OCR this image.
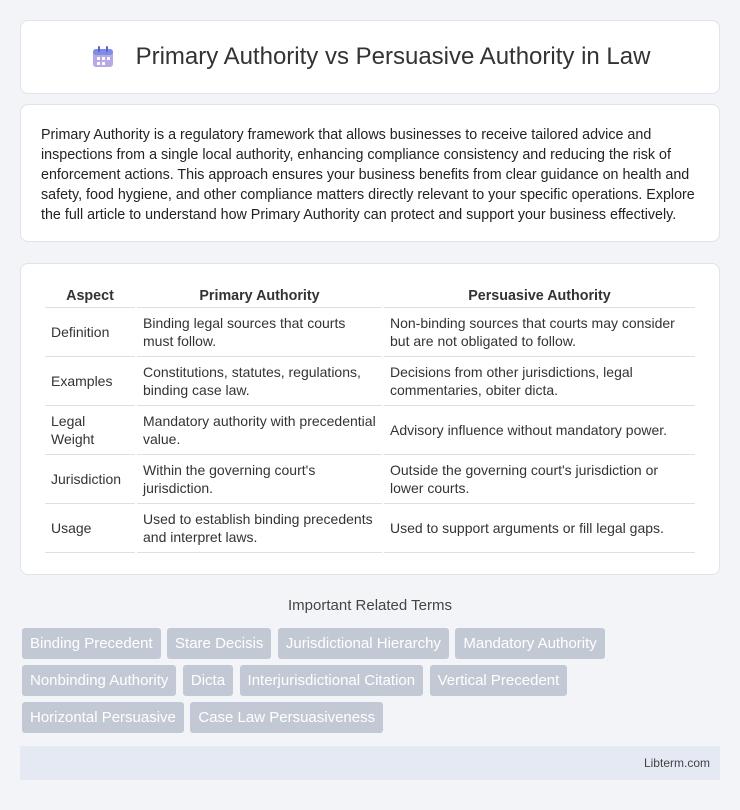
Primary Authority vs Persuasive Authority in Law

Primary Authority is a regulatory framework that allows businesses to receive tailored advice and inspections from a single local authority, enhancing compliance consistency and reducing the risk of enforcement actions. This approach ensures your business benefits from clear guidance on health and safety, food hygiene, and other compliance matters directly relevant to your specific operations. Explore the full article to understand how Primary Authority can protect and support your business effectively.

Aspect	Primary Authority	Persuasive Authority
Definition	Binding legal sources that courts must follow.	Non-binding sources that courts may consider but are not obligated to follow.
Examples	Constitutions, statutes, regulations, binding case law.	Decisions from other jurisdictions, legal commentaries, obiter dicta.
Legal Weight	Mandatory authority with precedential value.	Advisory influence without mandatory power.
Jurisdiction	Within the governing court's jurisdiction.	Outside the governing court's jurisdiction or lower courts.
Usage	Used to establish binding precedents and interpret laws.	Used to support arguments or fill legal gaps.
Important Related Terms
Binding Precedent Stare Decisis Jurisdictional Hierarchy Mandatory Authority Nonbinding Authority Dicta Interjurisdictional Citation Vertical Precedent Horizontal Persuasive Case Law Persuasiveness
Libterm.com
